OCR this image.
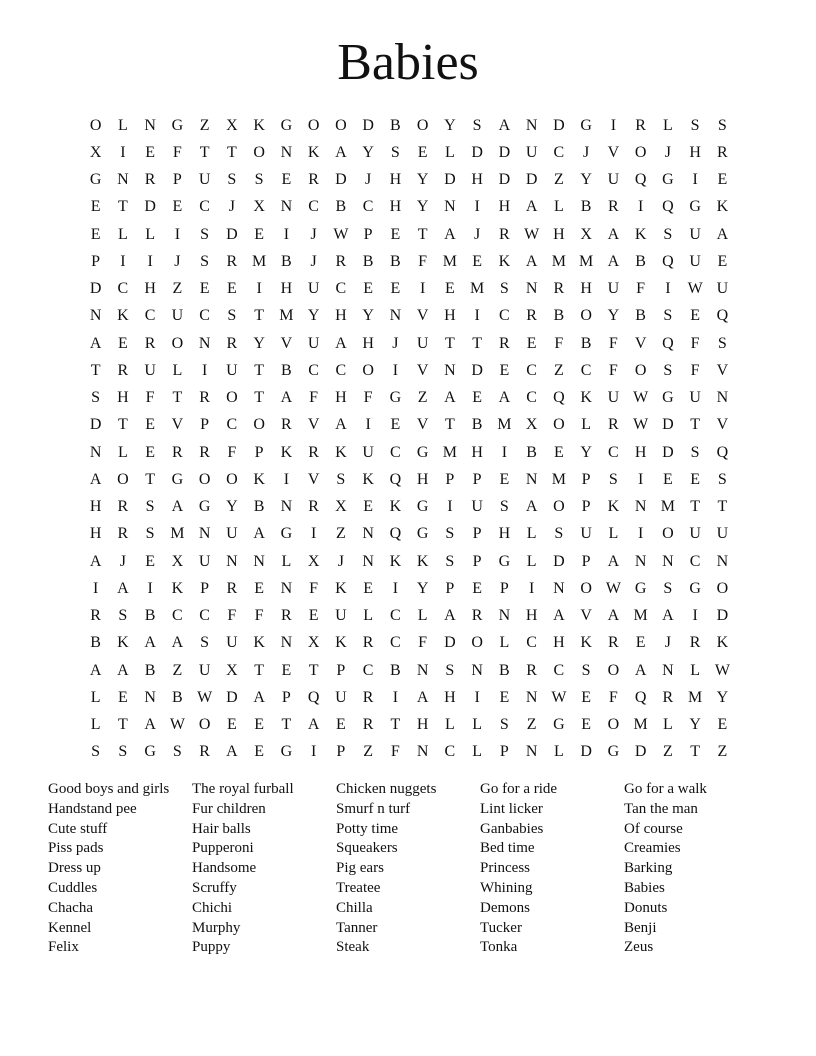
Babies
O	L	N G	Z	X K G O O D	B	O Y	S	A N D G	I	R	L	S	S
X	I	E	F	T	T	O N K A Y	S	E	L	D D U	C	J	V O	J	H	R
G N	R	P	U	S	S	E	R	D	J	H Y D H D D	Z	Y U Q G	I	E
E	T	D	E	C	J	X N	C	B	C	H Y N	I	H A	L	B	R	I	Q G K
E	L	L	I	S	D	E	I	J	W P	E	T	A	J	R W H X A K	S	U A
P	I	I	J	S	R M B	J	R	B	B	F M E	K A M M A	B	Q U	E
D	C	H	Z	E	E	I	H U	C	E	E	I	E M S	N	R	H U	F	I	W U
N K	C	U	C	S	T M Y H Y N V H	I	C	R	B	O Y	B	S	E	Q
A	E	R	O N	R	Y V U A H	J	U	T	T	R	E	F	B	F	V Q	F	S
T	R	U	L	I	U	T	B	C	C	O	I	V N D	E	C	Z	C	F	O	S	F	V
S	H	F	T	R	O	T	A	F	H	F	G	Z	A	E	A	C	Q K U W G U N
D	T	E	V	P	C	O	R	V A	I	E	V	T	B M X O	L	R W D	T	V
N	L	E	R	R	F	P	K	R	K U	C	G M H	I	B	E	Y	C	H D	S	Q
A O	T	G O O K	I	V	S	K Q H	P	P	E	N M P	S	I	E	E	S
H	R	S	A G Y	B	N	R	X	E	K G	I	U	S	A O	P	K N M T	T
H	R	S M N U A G	I	Z	N Q G	S	P	H	L	S	U	L	I	O U U
A	J	E	X U N N	L	X	J	N K K	S	P	G	L	D	P	A N N	C	N
I	A	I	K	P	R	E	N	F	K	E	I	Y	P	E	P	I	N O W G	S	G O
R	S	B	C	C	F	F	R	E	U	L	C	L	A	R	N H A V A M A	I	D
B	K A A	S	U K N X K	R	C	F	D O	L	C	H K	R	E	J	R	K
A A	B	Z	U X	T	E	T	P	C	B	N	S	N	B	R	C	S	O A N	L W
L	E	N	B W D A	P	Q U	R	I	A H	I	E	N W E	F	Q	R M Y
L	T	A W O	E	E	T	A	E	R	T	H	L	L	S	Z	G	E	O M L	Y	E
S	S	G	S	R	A	E	G	I	P	Z	F	N	C	L	P	N	L	D G D	Z	T	Z
Good boys and girls
Handstand pee
Cute stuff
Piss pads
Dress up
Cuddles
Chacha
Kennel
Felix
The royal furball
Fur children
Hair balls
Pupperoni
Handsome
Scruffy
Chichi
Murphy
Puppy
Chicken nuggets
Smurf n turf
Potty time
Squeakers
Pig ears
Treatee
Chilla
Tanner
Steak
Go for a ride
Lint licker
Ganbabies
Bed time
Princess
Whining
Demons
Tucker
Tonka
Go for a walk
Tan the man
Of course
Creamies
Barking
Babies
Donuts
Benji
Zeus
